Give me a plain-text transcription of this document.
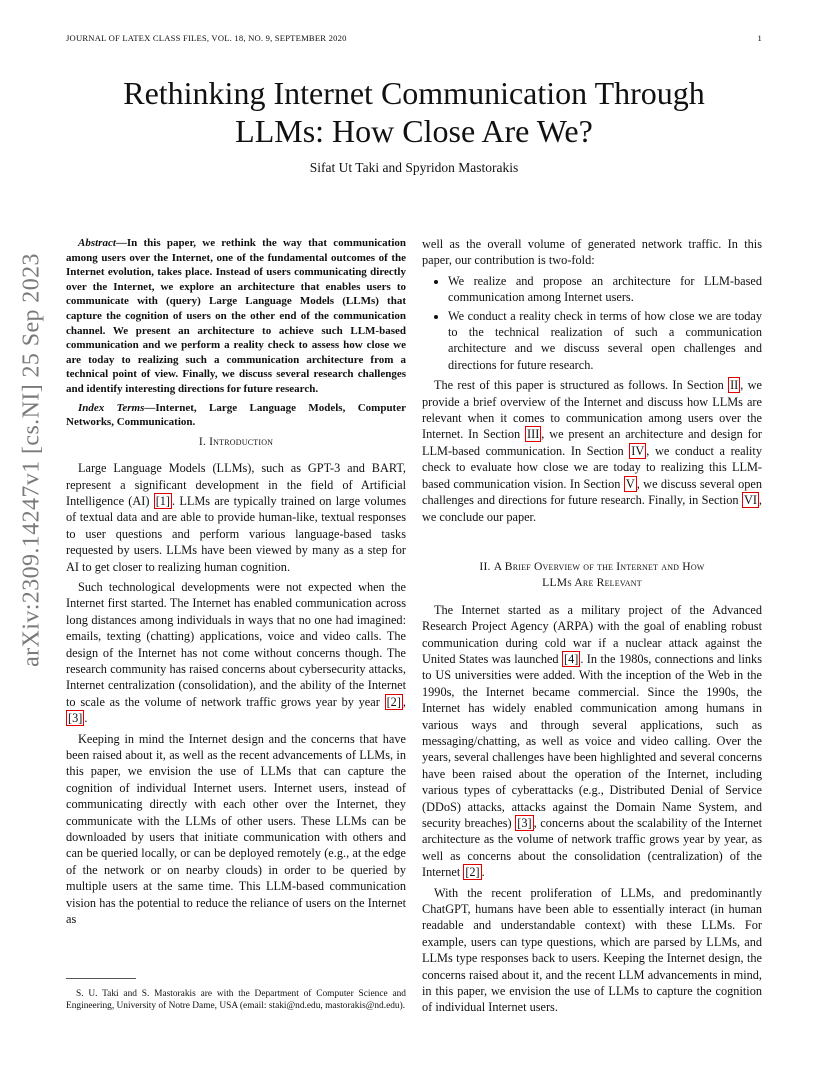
JOURNAL OF LATEX CLASS FILES, VOL. 18, NO. 9, SEPTEMBER 2020	1
arXiv:2309.14247v1 [cs.NI] 25 Sep 2023
Rethinking Internet Communication Through
LLMs: How Close Are We?
Sifat Ut Taki and Spyridon Mastorakis

Abstract—In this paper, we rethink the way that communication among users over the Internet, one of the fundamental outcomes of the Internet evolution, takes place. Instead of users communicating directly over the Internet, we explore an architecture that enables users to communicate with (query) Large Language Models (LLMs) that capture the cognition of users on the other end of the communication channel. We present an architecture to achieve such LLM-based communication and we perform a reality check to assess how close we are today to realizing such a communication architecture from a technical point of view. Finally, we discuss several research challenges and identify interesting directions for future research.

Index Terms—Internet, Large Language Models, Computer Networks, Communication.

I. Introduction

Large Language Models (LLMs), such as GPT-3 and BART, represent a significant development in the field of Artificial Intelligence (AI) [1] . LLMs are typically trained on large volumes of textual data and are able to provide human-like, textual responses to user questions and perform various language-based tasks requested by users. LLMs have been viewed by many as a step for AI to get closer to realizing human cognition.

Such technological developments were not expected when the Internet first started. The Internet has enabled communication across long distances among individuals in ways that no one had imagined: emails, texting (chatting) applications, voice and video calls. The design of the Internet has not come without concerns though. The research community has raised concerns about cybersecurity attacks, Internet centralization (consolidation), and the ability of the Internet to scale as the volume of network traffic grows year by year [2] , [3] .

Keeping in mind the Internet design and the concerns that have been raised about it, as well as the recent advancements of LLMs, in this paper, we envision the use of LLMs that can capture the cognition of individual Internet users. Internet users, instead of communicating directly with each other over the Internet, they communicate with the LLMs of other users. These LLMs can be downloaded by users that initiate communication with others and can be queried locally, or can be deployed remotely (e.g., at the edge of the network or on nearby clouds) in order to be queried by multiple users at the same time. This LLM-based communication vision has the potential to reduce the reliance of users on the Internet as

well as the overall volume of generated network traffic. In this paper, our contribution is two-fold:

• We realize and propose an architecture for LLM-based communication among Internet users.
• We conduct a reality check in terms of how close we are today to the technical realization of such a communication architecture and we discuss several open challenges and directions for future research.

The rest of this paper is structured as follows. In Section II , we provide a brief overview of the Internet and discuss how LLMs are relevant when it comes to communication among users over the Internet. In Section III , we present an architecture and design for LLM-based communication. In Section IV , we conduct a reality check to evaluate how close we are today to realizing this LLM-based communication vision. In Section V , we discuss several open challenges and directions for future research. Finally, in Section VI , we conclude our paper.

II. A Brief Overview of the Internet and How
LLMs Are Relevant

The Internet started as a military project of the Advanced Research Project Agency (ARPA) with the goal of enabling robust communication during cold war if a nuclear attack against the United States was launched [4] . In the 1980s, connections and links to US universities were added. With the inception of the Web in the 1990s, the Internet became commercial. Since the 1990s, the Internet has widely enabled communication among humans in various ways and through several applications, such as messaging/chatting, as well as voice and video calling. Over the years, several challenges have been highlighted and several concerns have been raised about the operation of the Internet, including various types of cyberattacks (e.g., Distributed Denial of Service (DDoS) attacks, attacks against the Domain Name System, and security breaches) [3] , concerns about the scalability of the Internet architecture as the volume of network traffic grows year by year, as well as concerns about the consolidation (centralization) of the Internet [2] .

With the recent proliferation of LLMs, and predominantly ChatGPT, humans have been able to essentially interact (in human readable and understandable context) with these LLMs. For example, users can type questions, which are parsed by LLMs, and LLMs type responses back to users. Keeping the Internet design, the concerns raised about it, and the recent LLM advancements in mind, in this paper, we envision the use of LLMs to capture the cognition of individual Internet users.

S. U. Taki and S. Mastorakis are with the Department of Computer Science and Engineering, University of Notre Dame, USA (email: staki@nd.edu, mastorakis@nd.edu).
